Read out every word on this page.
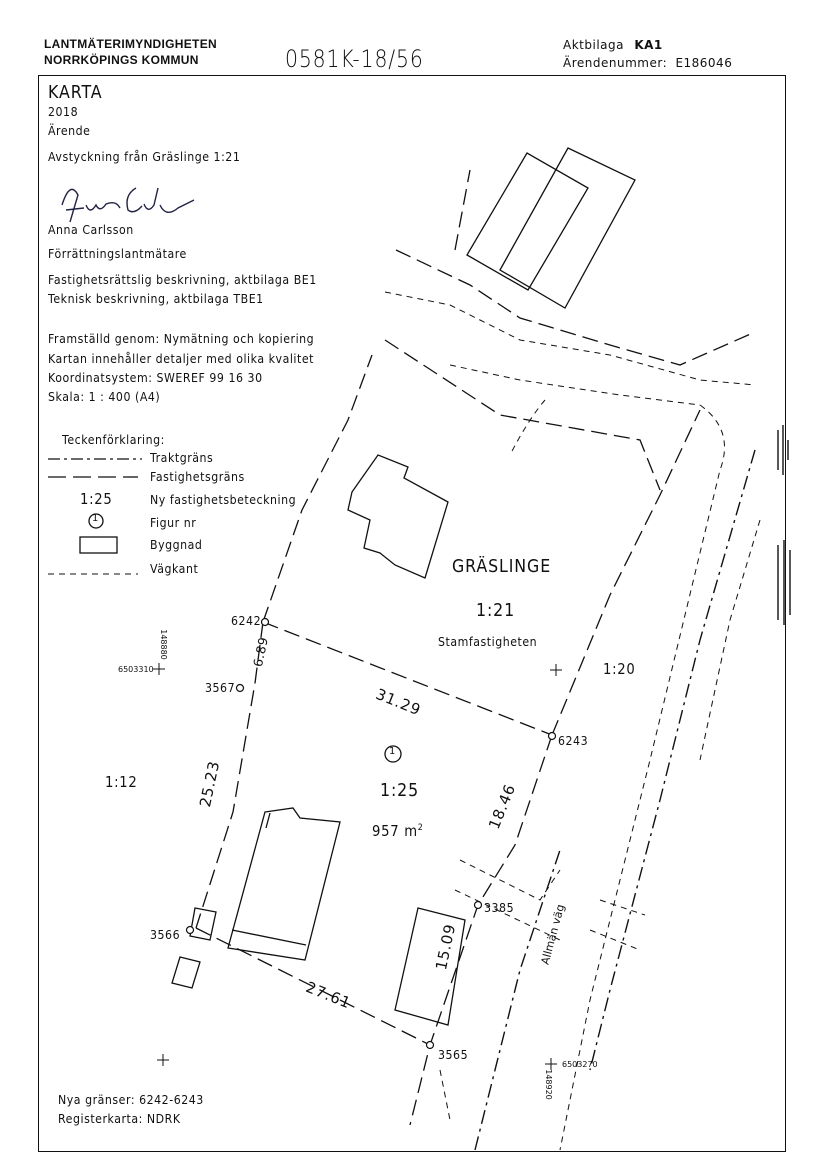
LANTMÄTERIMYNDIGHETEN
NORRKÖPINGS KOMMUN	0581K-18/56	Aktbilaga KA1
Ärendenummer: E186046
KARTA
2018
Ärende
Avstyckning från Gräslinge 1:21
Anna Carlsson
Förrättningslantmätare
Fastighetsrättslig beskrivning, aktbilaga BE1
Teknisk beskrivning, aktbilaga TBE1
Framställd genom: Nymätning och kopiering
Kartan innehåller detaljer med olika kvalitet
Koordinatsystem: SWEREF 99 16 30
Skala: 1 : 400 (A4)
Teckenförklaring:
Traktgräns
Fastighetsgräns
1:25	Ny fastighetsbeteckning
1	Figur nr
Byggnad
Vägkant	GRÄSLINGE
1:21
Stamfastigheten
1:20
1:12
1
1:25
957 $m^2$
6242
3567
6243
3385
3566
3565
6.89
31.29
25.23	18.46
15.09
27.61
Allmän väg
6503310
148880
6503270
148920
Nya gränser: 6242-6243
Registerkarta: NDRK
